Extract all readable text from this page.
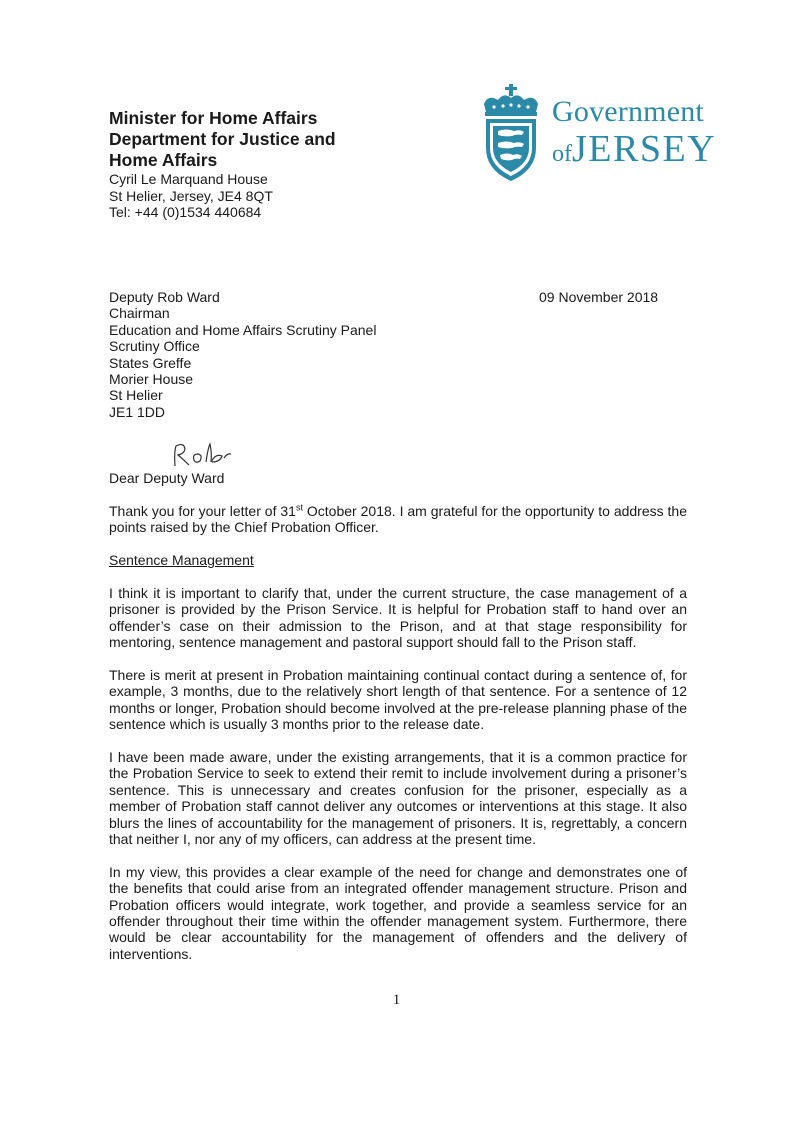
Minister for Home Affairs

Department for Justice and

Home Affairs

Cyril Le Marquand House

St Helier, Jersey, JE4 8QT

Tel: +44 (0)1534 440684

Government
ofJERSEY
Deputy Rob Ward
Chairman
Education and Home Affairs Scrutiny Panel
Scrutiny Office
States Greffe
Morier House
St Helier
JE1 1DD
09 November 2018
Dear Deputy Ward

Thank you for your letter of 31st October 2018. I am grateful for the opportunity to address the points raised by the Chief Probation Officer.

Sentence Management

I think it is important to clarify that, under the current structure, the case management of a prisoner is provided by the Prison Service. It is helpful for Probation staff to hand over an offender’s case on their admission to the Prison, and at that stage responsibility for mentoring, sentence management and pastoral support should fall to the Prison staff.

There is merit at present in Probation maintaining continual contact during a sentence of, for example, 3 months, due to the relatively short length of that sentence. For a sentence of 12 months or longer, Probation should become involved at the pre-release planning phase of the sentence which is usually 3 months prior to the release date.

I have been made aware, under the existing arrangements, that it is a common practice for the Probation Service to seek to extend their remit to include involvement during a prisoner’s sentence. This is unnecessary and creates confusion for the prisoner, especially as a member of Probation staff cannot deliver any outcomes or interventions at this stage. It also blurs the lines of accountability for the management of prisoners. It is, regrettably, a concern that neither I, nor any of my officers, can address at the present time.

In my view, this provides a clear example of the need for change and demonstrates one of the benefits that could arise from an integrated offender management structure. Prison and Probation officers would integrate, work together, and provide a seamless service for an offender throughout their time within the offender management system. Furthermore, there would be clear accountability for the management of offenders and the delivery of interventions.

1
